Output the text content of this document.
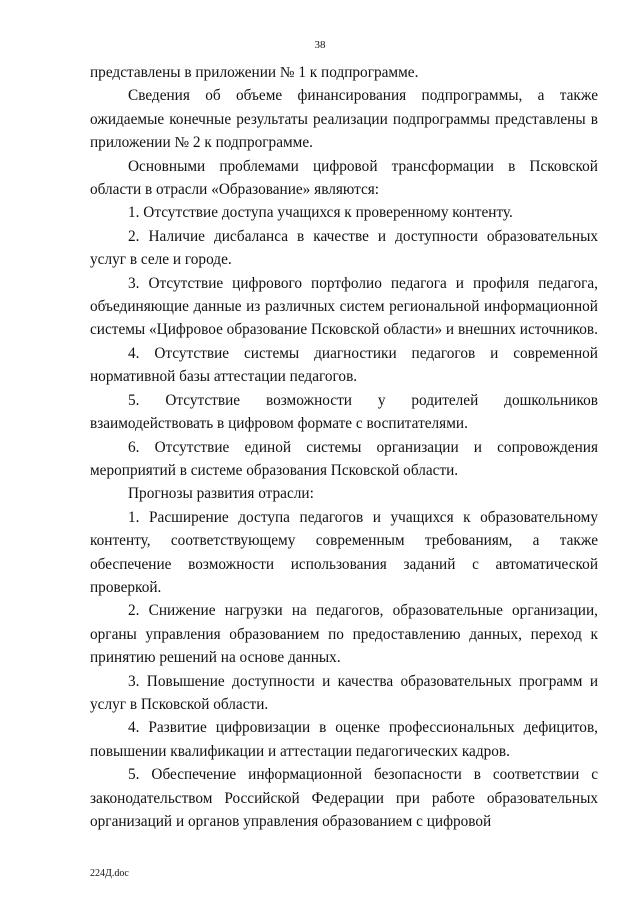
38

представлены в приложении № 1 к подпрограмме.

Сведения об объеме финансирования подпрограммы, а также ожидаемые конечные результаты реализации подпрограммы представлены в приложении № 2 к подпрограмме.

Основными проблемами цифровой трансформации в Псковской области в отрасли «Образование» являются:

1. Отсутствие доступа учащихся к проверенному контенту.

2. Наличие дисбаланса в качестве и доступности образовательных услуг в селе и городе.

3. Отсутствие цифрового портфолио педагога и профиля педагога, объединяющие данные из различных систем региональной информационной системы «Цифровое образование Псковской области» и внешних источников.

4. Отсутствие системы диагностики педагогов и современной нормативной базы аттестации педагогов.

5. Отсутствие возможности у родителей дошкольников взаимодействовать в цифровом формате с воспитателями.

6. Отсутствие единой системы организации и сопровождения мероприятий в системе образования Псковской области.

Прогнозы развития отрасли:

1. Расширение доступа педагогов и учащихся к образовательному контенту, соответствующему современным требованиям, а также обеспечение возможности использования заданий с автоматической проверкой.

2. Снижение нагрузки на педагогов, образовательные организации, органы управления образованием по предоставлению данных, переход к принятию решений на основе данных.

3. Повышение доступности и качества образовательных программ и услуг в Псковской области.

4. Развитие цифровизации в оценке профессиональных дефицитов, повышении квалификации и аттестации педагогических кадров.

5. Обеспечение информационной безопасности в соответствии с законодательством Российской Федерации при работе образовательных организаций и органов управления образованием с цифровой

224Д.doc
